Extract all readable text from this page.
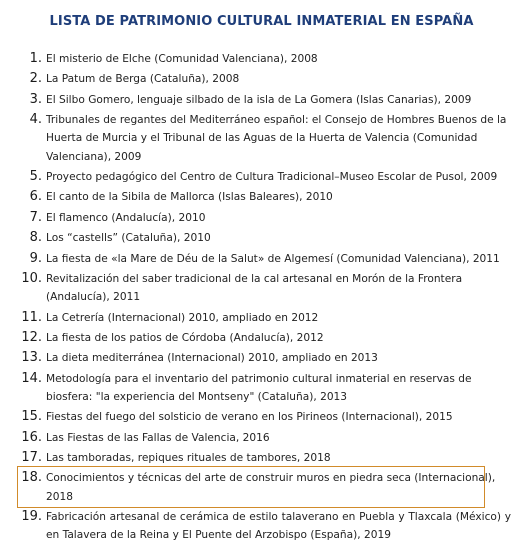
LISTA DE PATRIMONIO CULTURAL INMATERIAL EN ESPAÑA
1. El misterio de Elche (Comunidad Valenciana), 2008
2. La Patum de Berga (Cataluña), 2008
3. El Silbo Gomero, lenguaje silbado de la isla de La Gomera (Islas Canarias), 2009
4. Tribunales de regantes del Mediterráneo español: el Consejo de Hombres Buenos de la Huerta de Murcia y el Tribunal de las Aguas de la Huerta de Valencia (Comunidad Valenciana), 2009
5. Proyecto pedagógico del Centro de Cultura Tradicional–Museo Escolar de Pusol, 2009
6. El canto de la Sibila de Mallorca (Islas Baleares), 2010
7. El flamenco (Andalucía), 2010
8. Los “castells” (Cataluña), 2010
9. La fiesta de «la Mare de Déu de la Salut» de Algemesí (Comunidad Valenciana), 2011
10. Revitalización del saber tradicional de la cal artesanal en Morón de la Frontera (Andalucía), 2011
11. La Cetrería (Internacional) 2010, ampliado en 2012
12. La fiesta de los patios de Córdoba (Andalucía), 2012
13. La dieta mediterránea (Internacional) 2010, ampliado en 2013
14. Metodología para el inventario del patrimonio cultural inmaterial en reservas de biosfera: "la experiencia del Montseny" (Cataluña), 2013
15. Fiestas del fuego del solsticio de verano en los Pirineos (Internacional), 2015
16. Las Fiestas de las Fallas de Valencia, 2016
17. Las tamboradas, repiques rituales de tambores, 2018
18. Conocimientos y técnicas del arte de construir muros en piedra seca (Internacional), 2018
19. Fabricación artesanal de cerámica de estilo talaverano en Puebla y Tlaxcala (México) y en Talavera de la Reina y El Puente del Arzobispo (España), 2019
